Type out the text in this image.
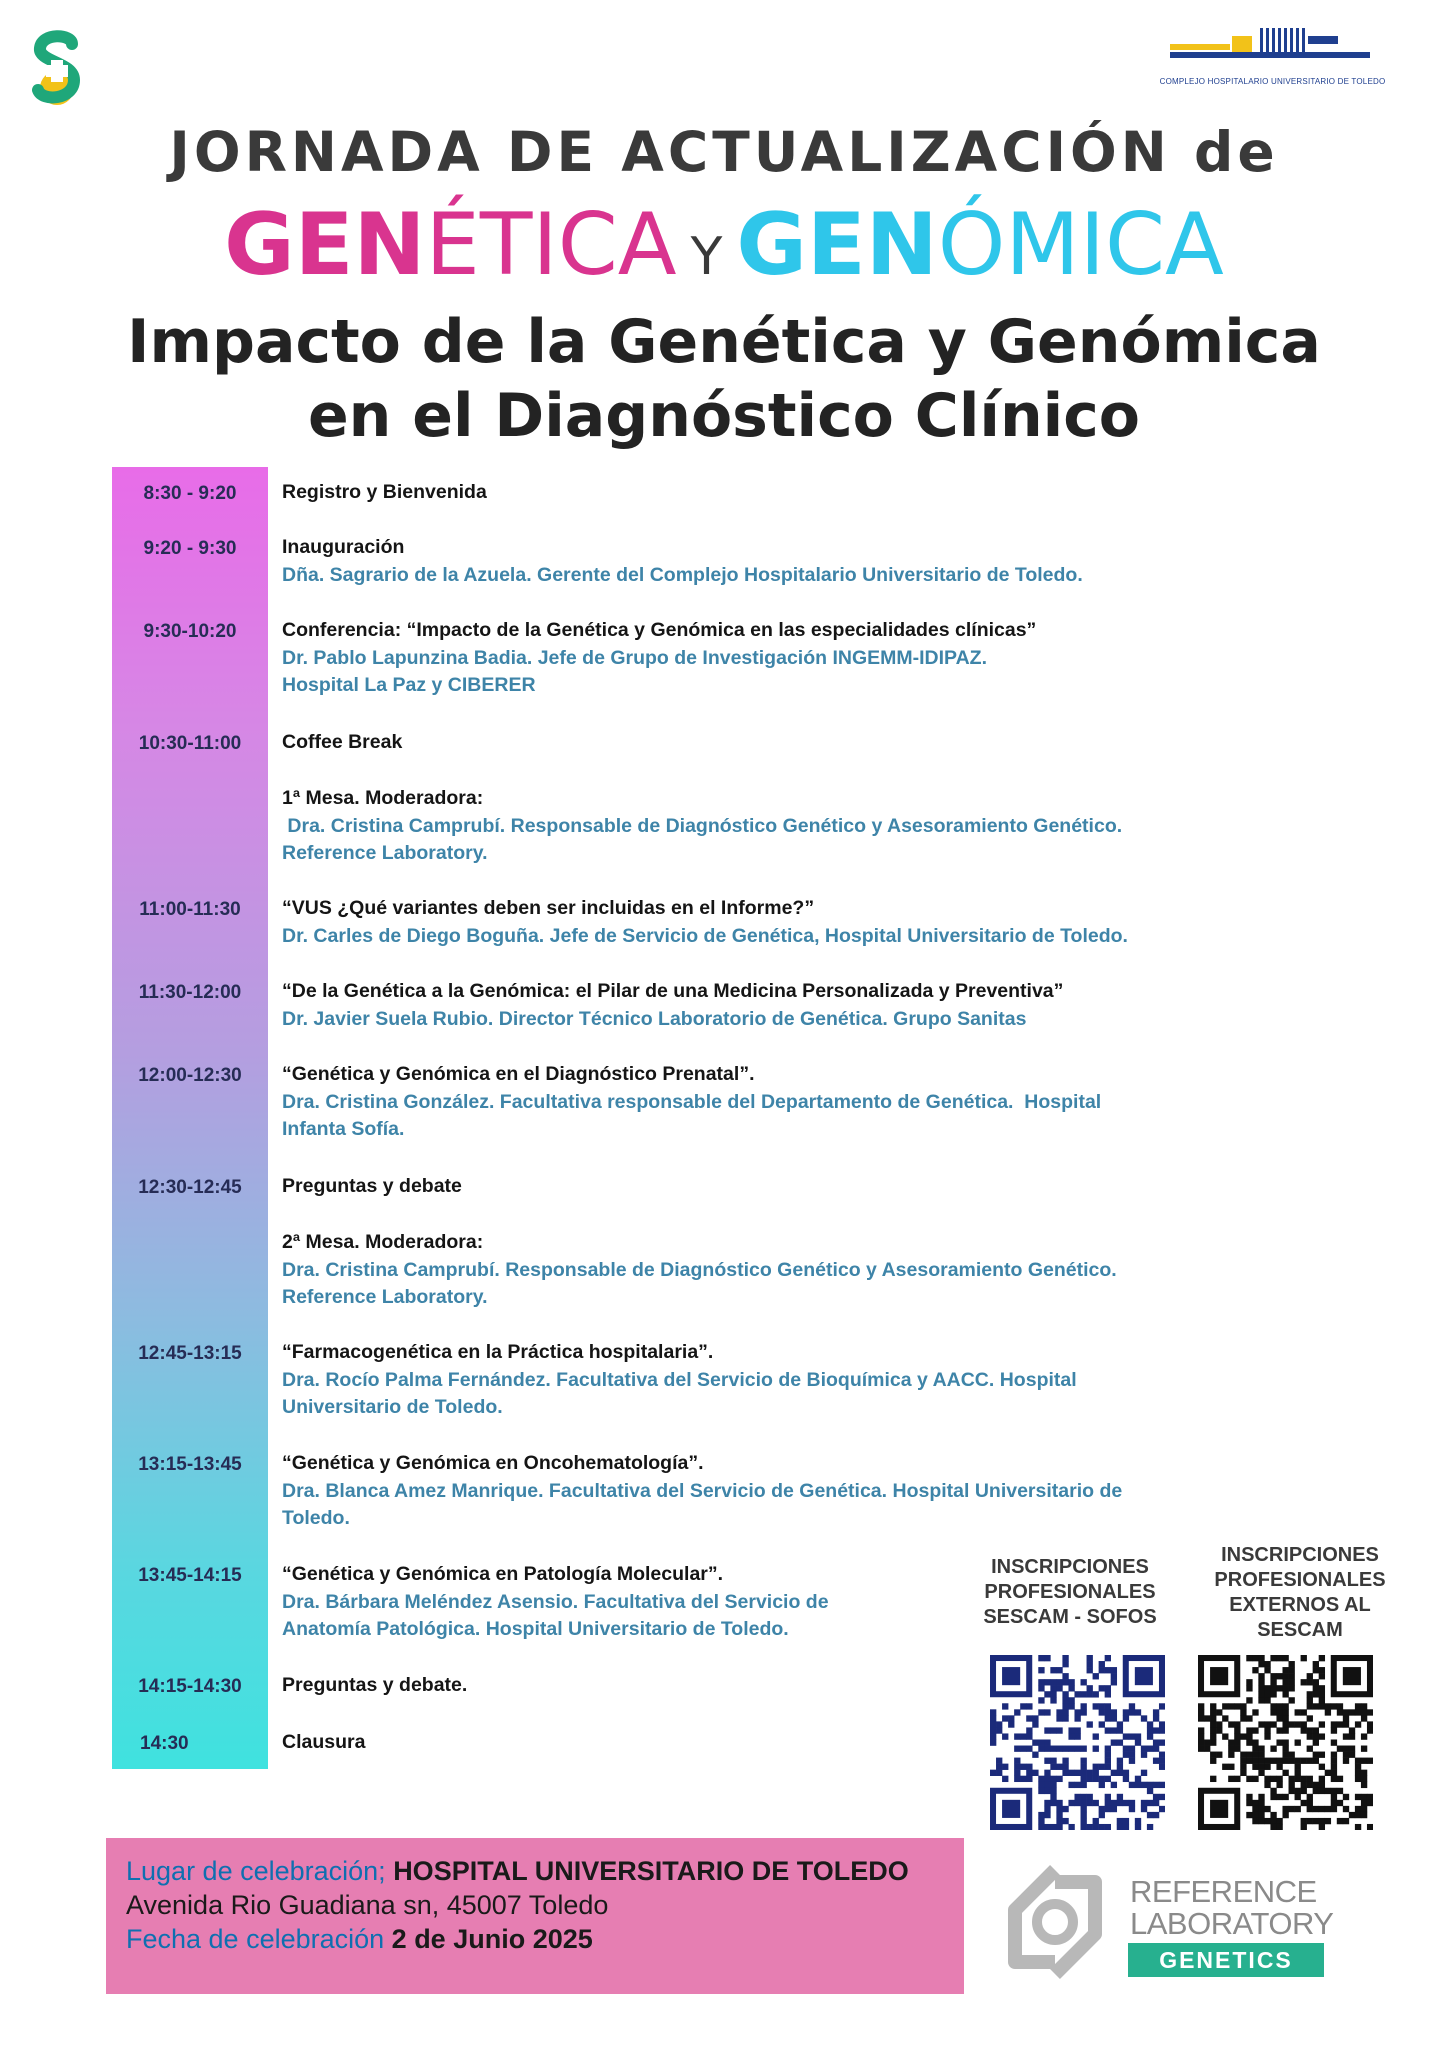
COMPLEJO HOSPITALARIO UNIVERSITARIO DE TOLEDO
JORNADA DE ACTUALIZACIÓN de
GENÉTICA Y GENÓMICA
Impacto de la Genética y Genómica
en el Diagnóstico Clínico
8:30 - 9:20	Registro y Bienvenida
9:20 - 9:30	Inauguración
Dña. Sagrario de la Azuela. Gerente del Complejo Hospitalario Universitario de Toledo.
9:30-10:20	Conferencia: “Impacto de la Genética y Genómica en las especialidades clínicas”
Dr. Pablo Lapunzina Badia. Jefe de Grupo de Investigación INGEMM-IDIPAZ.
Hospital La Paz y CIBERER
10:30-11:00	Coffee Break
1ª Mesa. Moderadora:
Dra. Cristina Camprubí. Responsable de Diagnóstico Genético y Asesoramiento Genético.
Reference Laboratory.
11:00-11:30	“VUS ¿Qué variantes deben ser incluidas en el Informe?”
Dr. Carles de Diego Boguña. Jefe de Servicio de Genética, Hospital Universitario de Toledo.
11:30-12:00	“De la Genética a la Genómica: el Pilar de una Medicina Personalizada y Preventiva”
Dr. Javier Suela Rubio. Director Técnico Laboratorio de Genética. Grupo Sanitas
12:00-12:30	“Genética y Genómica en el Diagnóstico Prenatal”.
Dra. Cristina González. Facultativa responsable del Departamento de Genética.  Hospital
Infanta Sofía.
12:30-12:45	Preguntas y debate
2ª Mesa. Moderadora:
Dra. Cristina Camprubí. Responsable de Diagnóstico Genético y Asesoramiento Genético.
Reference Laboratory.
12:45-13:15	“Farmacogenética en la Práctica hospitalaria”.
Dra. Rocío Palma Fernández. Facultativa del Servicio de Bioquímica y AACC. Hospital
Universitario de Toledo.
13:15-13:45	“Genética y Genómica en Oncohematología”.
Dra. Blanca Amez Manrique. Facultativa del Servicio de Genética. Hospital Universitario de
Toledo.
13:45-14:15	“Genética y Genómica en Patología Molecular”.
Dra. Bárbara Meléndez Asensio. Facultativa del Servicio de
Anatomía Patológica. Hospital Universitario de Toledo.
14:15-14:30	Preguntas y debate.
14:30	Clausura
INSCRIPCIONES
PROFESIONALES
SESCAM - SOFOS
INSCRIPCIONES
PROFESIONALES
EXTERNOS AL
SESCAM
Lugar de celebración; HOSPITAL UNIVERSITARIO DE TOLEDO
Avenida Rio Guadiana sn, 45007 Toledo
Fecha de celebración 2 de Junio 2025
REFERENCE
LABORATORY
GENETICS
